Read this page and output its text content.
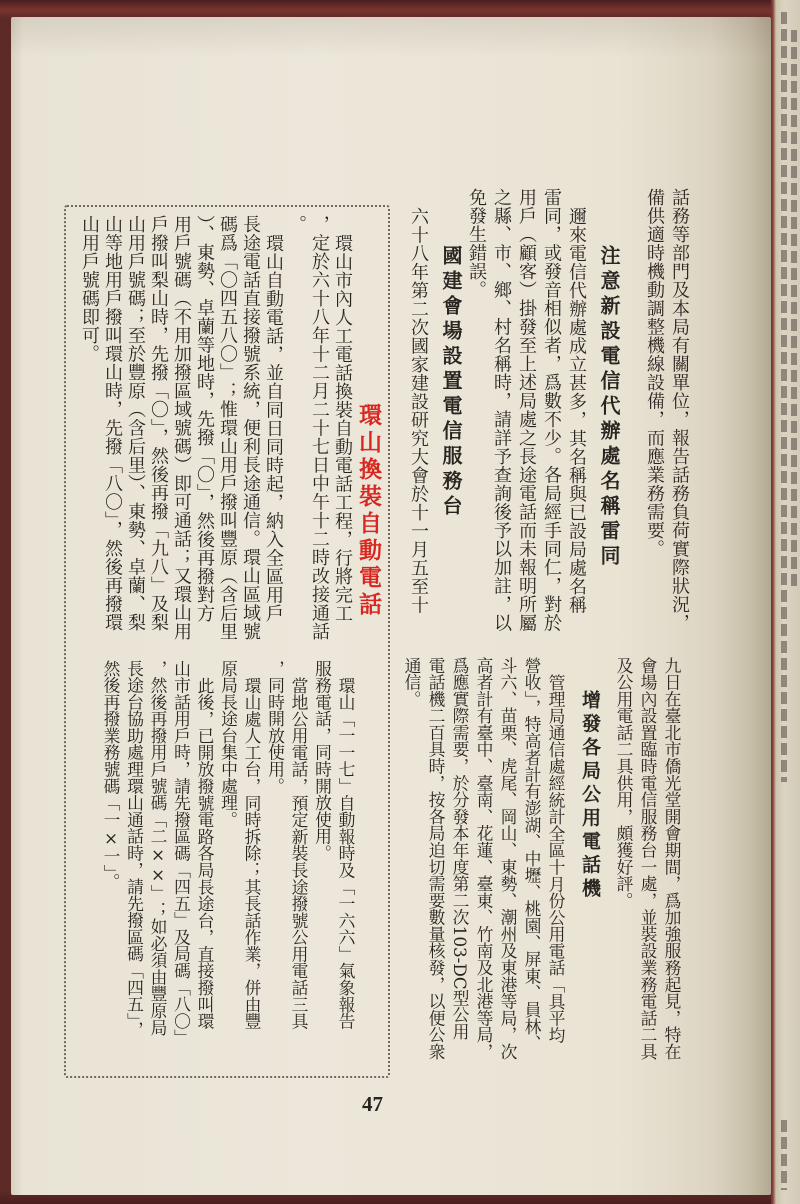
話務等部門及本局有關單位，報告話務負荷實際狀況，
備供適時機動調整機線設備，而應業務需要。
注意新設電信代辦處名稱雷同
邇來電信代辦處成立甚多，其名稱與已設局處名稱
雷同，或發音相似者，爲數不少。各局經手同仁，對於
用戶（顧客）掛發至上述局處之長途電話而未報明所屬
之縣、市、鄉、村名稱時，請詳予查詢後予以加註，以
免發生錯誤。
國建會場設置電信服務台
六十八年第二次國家建設研究大會於十一月五至十
九日在臺北市僑光堂開會期間，爲加強服務起見，特在
會場內設置臨時電信服務台一處，並裝設業務電話二具
及公用電話二具供用，頗獲好評。
增發各局公用電話機
管理局通信處經統計全區十月份公用電話「具平均
營收」，特高者計有澎湖、中壢、桃園、屏東、員林、
斗六、苗栗、虎尾、岡山、東勢、潮州及東港等局，次
高者計有臺中、臺南、花蓮、臺東、竹南及北港等局，
爲應實際需要，於分發本年度第二次103-DC型公用
電話機二百具時，按各局迫切需要數量核發，以便公衆
通信。
環山換裝自動電話
環山市內人工電話換裝自動電話工程，行將完工
，定於六十八年十二月二十七日中午十二時改接通話
。
環山自動電話，並自同日同時起，納入全區用戶
長途電話直接撥號系統，便利長途通信。環山區域號
碼爲「〇四五八〇」；惟環山用戶撥叫豐原（含后里
）、東勢、卓蘭等地時，先撥「〇」，然後再撥對方
用戶號碼（不用加撥區域號碼）即可通話；又環山用
戶撥叫梨山時，先撥「〇」，然後再撥「九八」及梨
山用戶號碼；至於豐原（含后里）、東勢、卓蘭、梨
山等地用戶撥叫環山時，先撥「八〇」，然後再撥環
山用戶號碼即可。
環山「一一七」自動報時及「一六六」氣象報告
服務電話，同時開放使用。
當地公用電話，預定新裝長途撥號公用電話三具
，同時開放使用。
環山處人工台，同時拆除；其長話作業，併由豐
原局長途台集中處理。
此後，已開放撥號電路各局長途台，直接撥叫環
山市話用戶時，請先撥區碼「四五」及局碼「八〇」
，然後再撥用戶號碼「二××」；如必須由豐原局
長途台協助處理環山通話時，請先撥區碼「四五」，
然後再撥業務號碼「一×一」。
47
